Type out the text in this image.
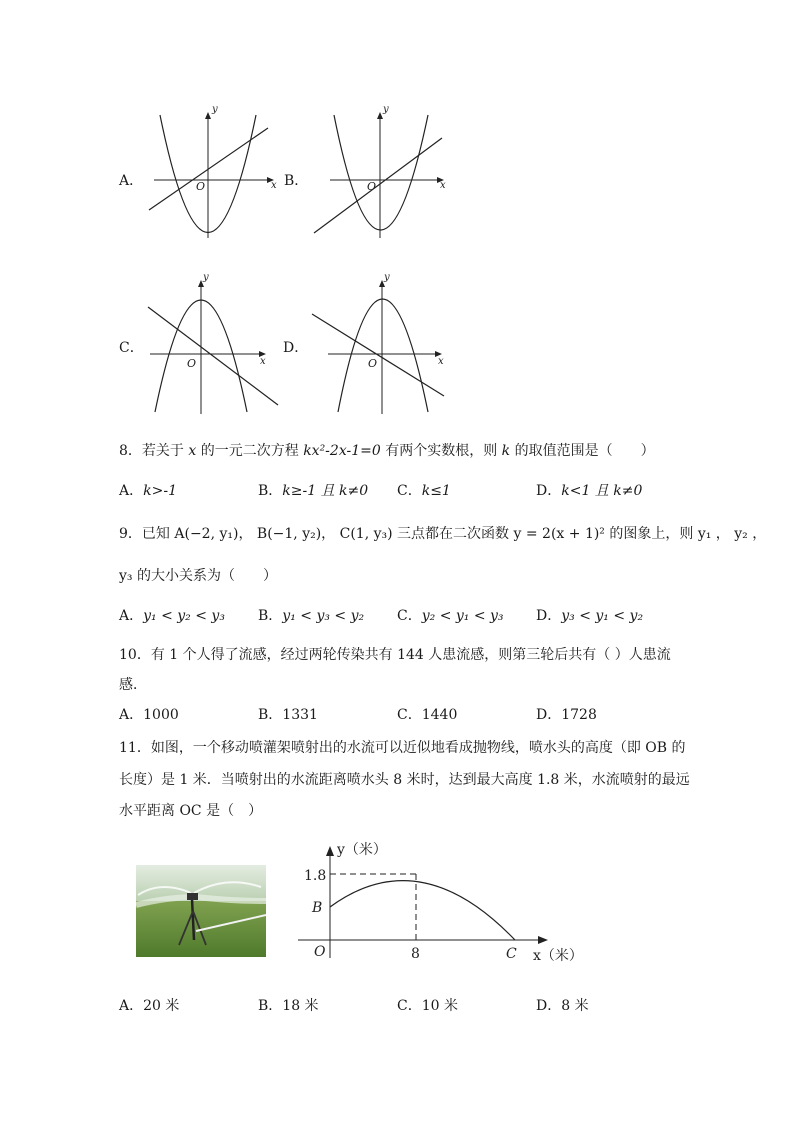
A．	x
y
O	B．	x
y
O
C．
x
y
O
D．
x
y
O
8．若关于 x 的一元二次方程 kx²-2x-1=0 有两个实数根，则 k 的取值范围是（　　）
A．k>-1	B．k≥-1 且 k≠0 C．k≤1	D．k<1 且 k≠0
9．已知 A(−2, y₁)， B(−1, y₂)， C(1, y₃) 三点都在二次函数 y = 2(x + 1)² 的图象上，则 y₁ ， y₂ ，
y₃ 的大小关系为（　　）
A．y₁ < y₂ < y₃ B．y₁ < y₃ < y₂ C．y₂ < y₁ < y₃ D．y₃ < y₁ < y₂
10．有 1 个人得了流感，经过两轮传染共有 144 人患流感，则第三轮后共有（ ）人患流
感．
A．1000	B．1331	C．1440	D．1728
11．如图，一个移动喷灌架喷射出的水流可以近似地看成抛物线，喷水头的高度（即 OB 的
长度）是 1 米．当喷射出的水流距离喷水头 8 米时，达到最大高度 1.8 米，水流喷射的最远
水平距离 OC 是（　）
y（米）
1.8
B
O	8	C x（米）
A．20 米	B．18 米	C．10 米	D．8 米
